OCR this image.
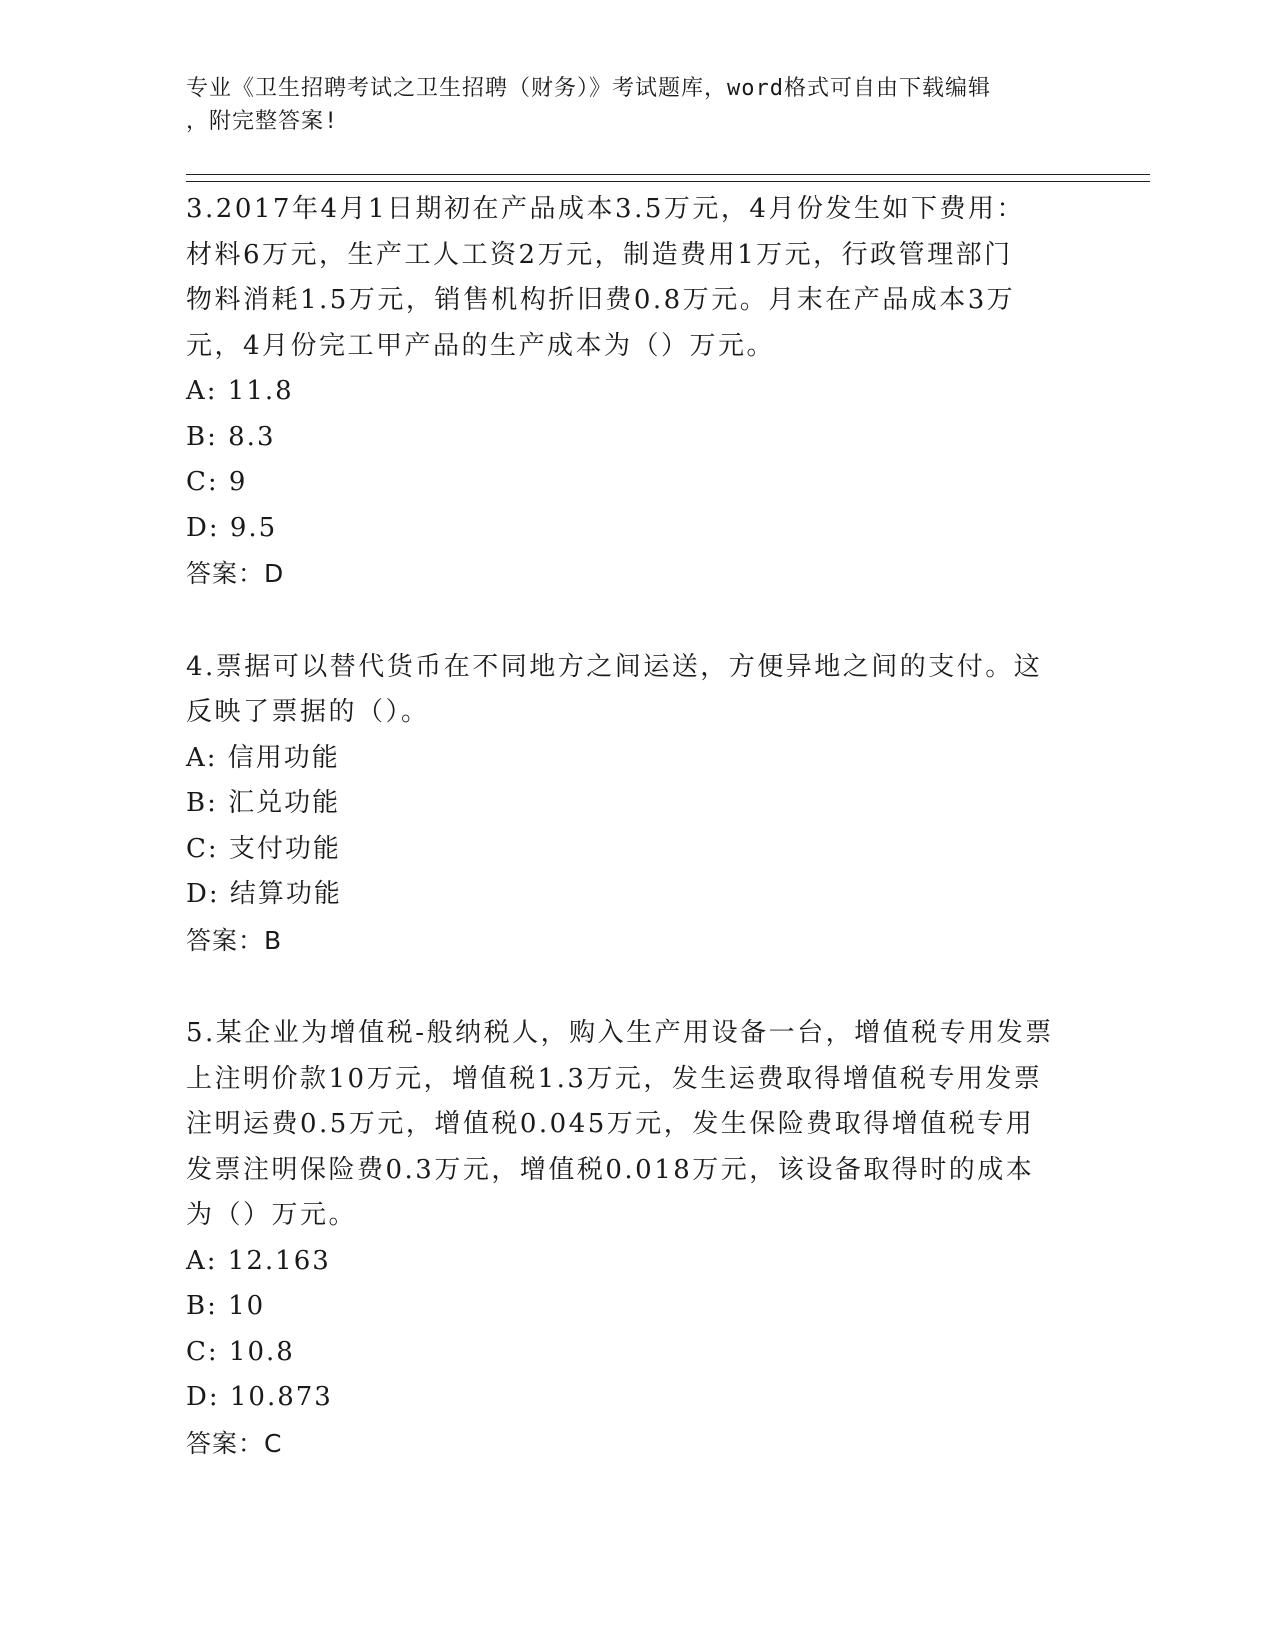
专业《卫生招聘考试之卫生招聘（财务）》考试题库，word格式可自由下载编辑
，附完整答案!

3.2017年4月1日期初在产品成本3.5万元，4月份发生如下费用：

材料6万元，生产工人工资2万元，制造费用1万元，行政管理部门

物料消耗1.5万元，销售机构折旧费0.8万元。月末在产品成本3万

元，4月份完工甲产品的生产成本为（）万元。

A: 11.8

B: 8.3

C: 9

D: 9.5

答案：D

4.票据可以替代货币在不同地方之间运送，方便异地之间的支付。这

反映了票据的（）。

A: 信用功能

B: 汇兑功能

C: 支付功能

D: 结算功能

答案：B

5.某企业为增值税-般纳税人，购入生产用设备一台，增值税专用发票

上注明价款10万元，增值税1.3万元，发生运费取得增值税专用发票

注明运费0.5万元，增值税0.045万元，发生保险费取得增值税专用

发票注明保险费0.3万元，增值税0.018万元，该设备取得时的成本

为（）万元。

A: 12.163

B: 10

C: 10.8

D: 10.873

答案：C
